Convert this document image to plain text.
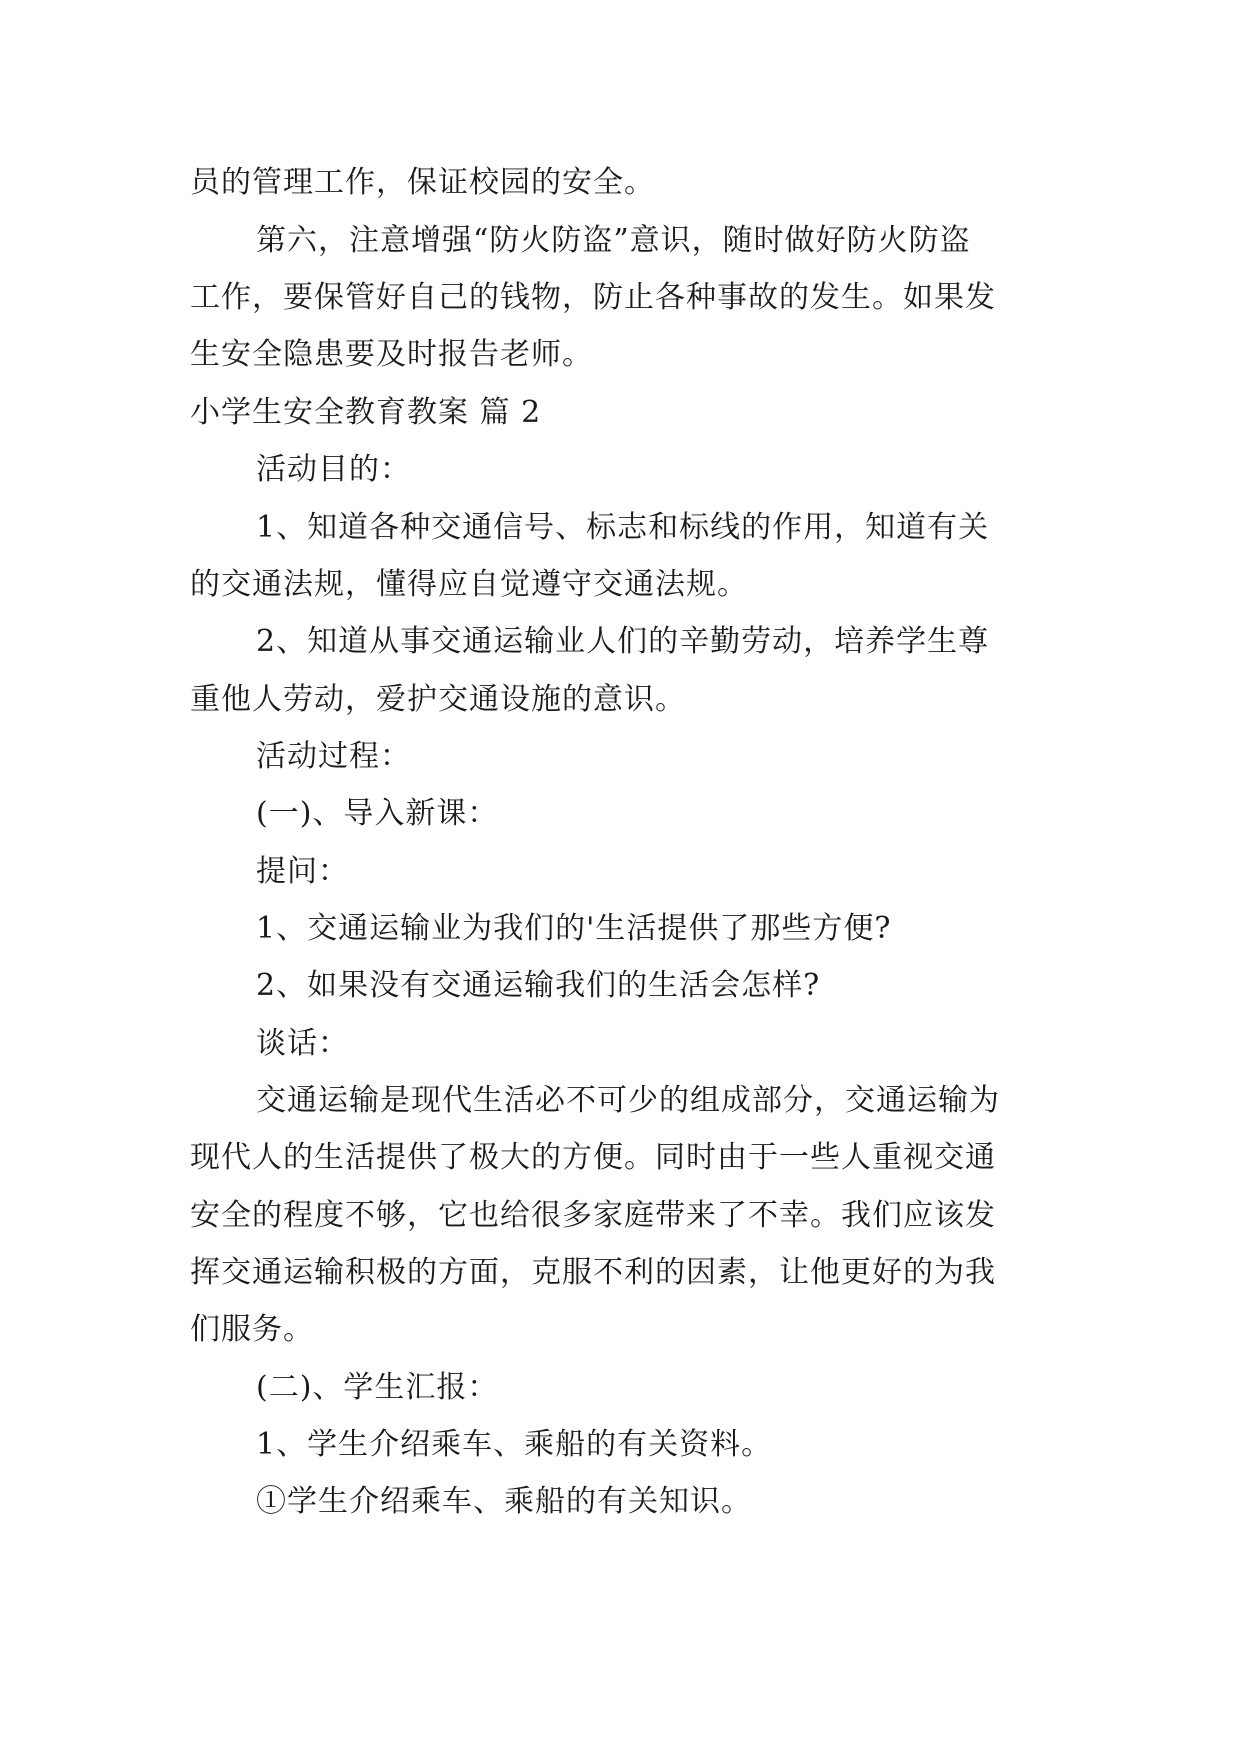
员的管理工作，保证校园的安全。
第六，注意增强“防火防盗”意识，随时做好防火防盗
工作，要保管好自己的钱物，防止各种事故的发生。如果发
生安全隐患要及时报告老师。
小学生安全教育教案 篇 2
活动目的：
1、知道各种交通信号、标志和标线的作用，知道有关
的交通法规，懂得应自觉遵守交通法规。
2、知道从事交通运输业人们的辛勤劳动，培养学生尊
重他人劳动，爱护交通设施的意识。
活动过程：
(一)、导入新课：
提问：
1、交通运输业为我们的'生活提供了那些方便?
2、如果没有交通运输我们的生活会怎样?
谈话：
交通运输是现代生活必不可少的组成部分，交通运输为
现代人的生活提供了极大的方便。同时由于一些人重视交通
安全的程度不够，它也给很多家庭带来了不幸。我们应该发
挥交通运输积极的方面，克服不利的因素，让他更好的为我
们服务。
(二)、学生汇报：
1、学生介绍乘车、乘船的有关资料。
①学生介绍乘车、乘船的有关知识。
